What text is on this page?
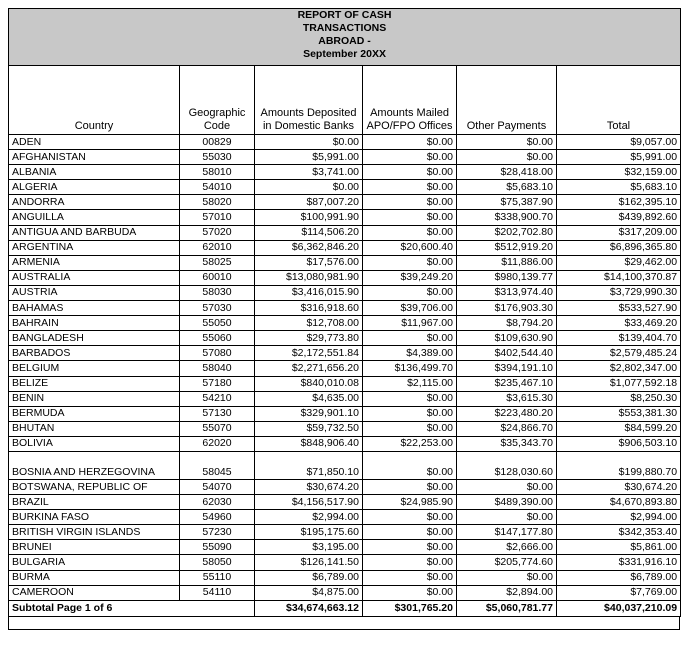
REPORT OF CASH
TRANSACTIONS
ABROAD -
September 20XX					

Country	Geographic Code	Amounts Deposited in Domestic Banks	Amounts Mailed APO/FPO Offices	Other Payments	Total
ADEN	00829	$0.00	$0.00	$0.00	$9,057.00
AFGHANISTAN	55030	$5,991.00	$0.00	$0.00	$5,991.00
ALBANIA	58010	$3,741.00	$0.00	$28,418.00	$32,159.00
ALGERIA	54010	$0.00	$0.00	$5,683.10	$5,683.10
ANDORRA	58020	$87,007.20	$0.00	$75,387.90	$162,395.10
ANGUILLA	57010	$100,991.90	$0.00	$338,900.70	$439,892.60
ANTIGUA AND BARBUDA	57020	$114,506.20	$0.00	$202,702.80	$317,209.00
ARGENTINA	62010	$6,362,846.20	$20,600.40	$512,919.20	$6,896,365.80
ARMENIA	58025	$17,576.00	$0.00	$11,886.00	$29,462.00
AUSTRALIA	60010	$13,080,981.90	$39,249.20	$980,139.77	$14,100,370.87
AUSTRIA	58030	$3,416,015.90	$0.00	$313,974.40	$3,729,990.30
BAHAMAS	57030	$316,918.60	$39,706.00	$176,903.30	$533,527.90
BAHRAIN	55050	$12,708.00	$11,967.00	$8,794.20	$33,469.20
BANGLADESH	55060	$29,773.80	$0.00	$109,630.90	$139,404.70
BARBADOS	57080	$2,172,551.84	$4,389.00	$402,544.40	$2,579,485.24
BELGIUM	58040	$2,271,656.20	$136,499.70	$394,191.10	$2,802,347.00
BELIZE	57180	$840,010.08	$2,115.00	$235,467.10	$1,077,592.18
BENIN	54210	$4,635.00	$0.00	$3,615.30	$8,250.30
BERMUDA	57130	$329,901.10	$0.00	$223,480.20	$553,381.30
BHUTAN	55070	$59,732.50	$0.00	$24,866.70	$84,599.20
BOLIVIA	62020	$848,906.40	$22,253.00	$35,343.70	$906,503.10
BOSNIA AND HERZEGOVINA	58045	$71,850.10	$0.00	$128,030.60	$199,880.70
BOTSWANA, REPUBLIC OF	54070	$30,674.20	$0.00	$0.00	$30,674.20
BRAZIL	62030	$4,156,517.90	$24,985.90	$489,390.00	$4,670,893.80
BURKINA FASO	54960	$2,994.00	$0.00	$0.00	$2,994.00
BRITISH VIRGIN ISLANDS	57230	$195,175.60	$0.00	$147,177.80	$342,353.40
BRUNEI	55090	$3,195.00	$0.00	$2,666.00	$5,861.00
BULGARIA	58050	$126,141.50	$0.00	$205,774.60	$331,916.10
BURMA	55110	$6,789.00	$0.00	$0.00	$6,789.00
CAMEROON	54110	$4,875.00	$0.00	$2,894.00	$7,769.00
Subtotal Page 1 of 6		$34,674,663.12	$301,765.20	$5,060,781.77	$40,037,210.09
